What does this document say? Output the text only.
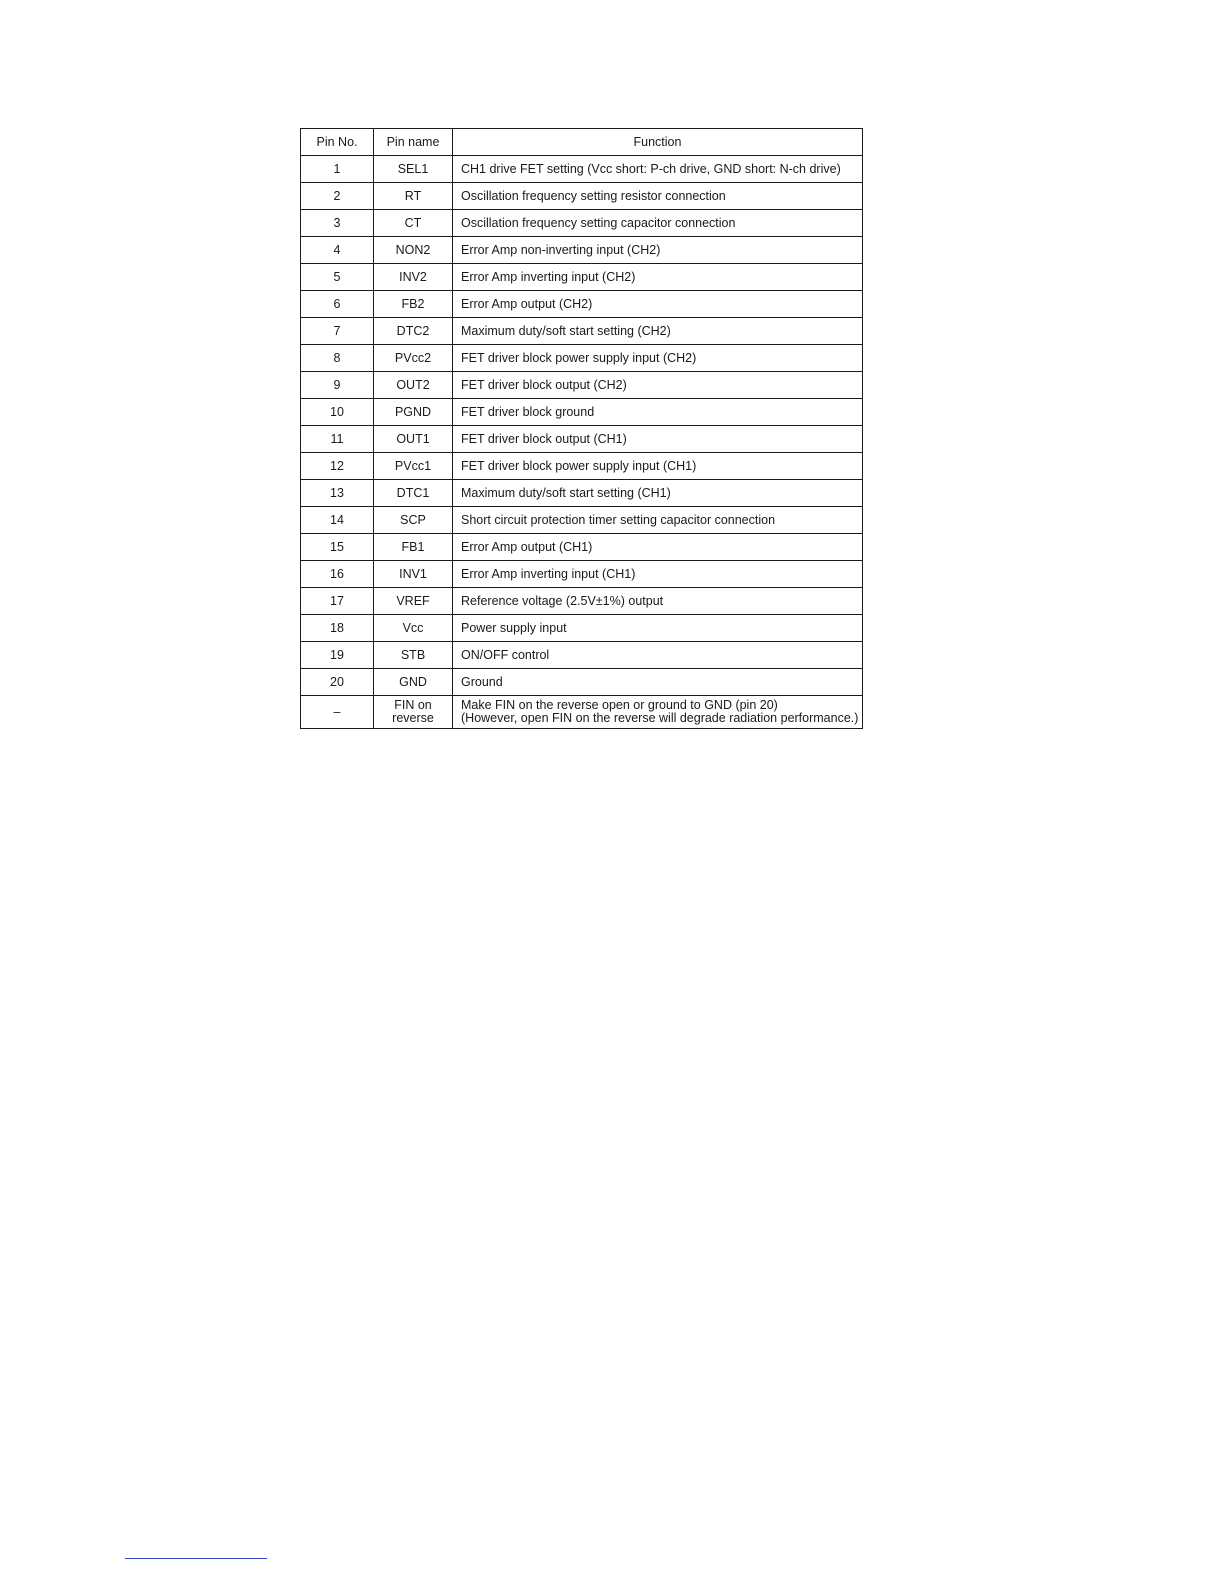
Pin No.	Pin name	Function
1	SEL1	CH1 drive FET setting (Vcc short: P-ch drive, GND short: N-ch drive)
2	RT	Oscillation frequency setting resistor connection
3	CT	Oscillation frequency setting capacitor connection
4	NON2	Error Amp non-inverting input (CH2)
5	INV2	Error Amp inverting input (CH2)
6	FB2	Error Amp output (CH2)
7	DTC2	Maximum duty/soft start setting (CH2)
8	PVcc2	FET driver block power supply input (CH2)
9	OUT2	FET driver block output (CH2)
10	PGND	FET driver block ground
11	OUT1	FET driver block output (CH1)
12	PVcc1	FET driver block power supply input (CH1)
13	DTC1	Maximum duty/soft start setting (CH1)
14	SCP	Short circuit protection timer setting capacitor connection
15	FB1	Error Amp output (CH1)
16	INV1	Error Amp inverting input (CH1)
17	VREF	Reference voltage (2.5V±1%) output
18	Vcc	Power supply input
19	STB	ON/OFF control
20	GND	Ground
–	FIN on reverse	Make FIN on the reverse open or ground to GND (pin 20)
(However, open FIN on the reverse will degrade radiation performance.)
